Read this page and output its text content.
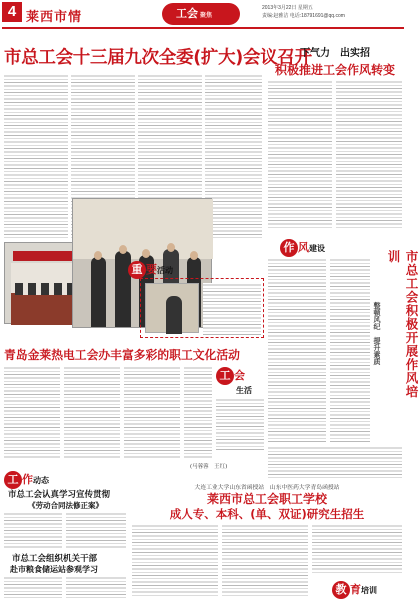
4 莱西市情	工会 聚焦
2013年3月22日 星期五
责编:赵雅洁 电话:18791691@qq.com
市总工会十三届九次全委(扩大)会议召开
下气力　出实招
积极推进工会作风转变
重 要活动
作 风建设
市总工会积极开展作风培训
整顿风纪　提升素质
青岛金莱热电工会办丰富多彩的职工文化活动
工 会
生活
(马蓉蓉　王红)
工 作动态
市总工会认真学习宣传贯彻
《劳动合同法修正案》
市总工会组织机关干部
赴市粮食储运站参观学习
大连工业大学山东省函授站　山东中医药大学青岛函授站
莱西市总工会职工学校
成人专、本科、(单、双证)研究生招生
教 育培训
